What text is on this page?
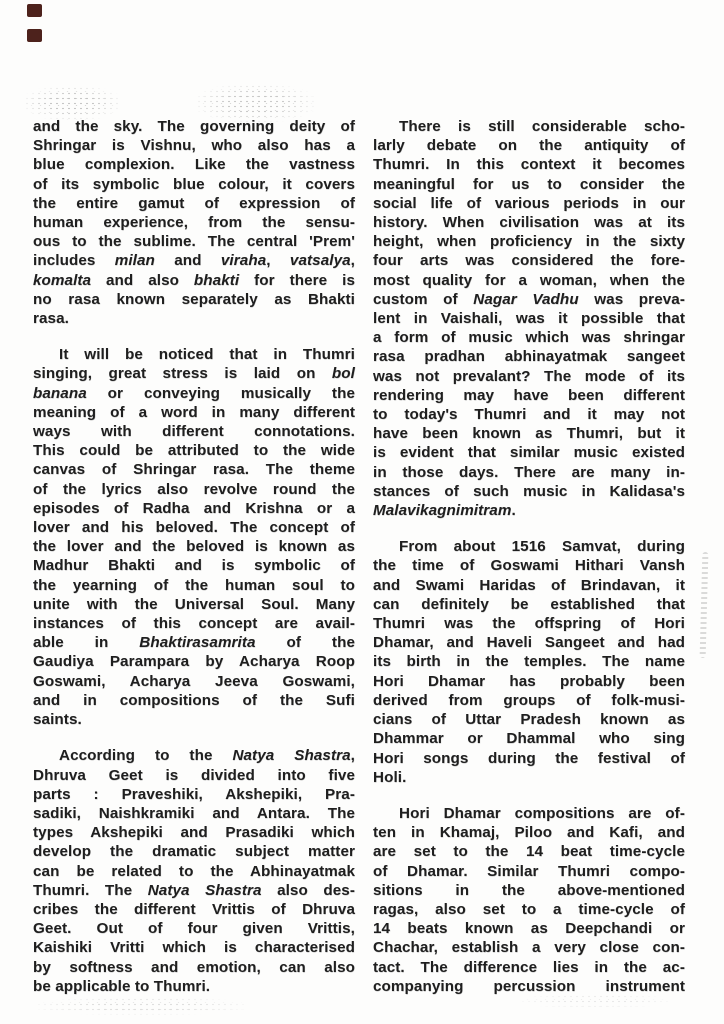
and the sky. The governing deity of
Shringar is Vishnu, who also has a
blue complexion. Like the vastness
of its symbolic blue colour, it covers
the entire gamut of expression of
human experience, from the sensu-
ous to the sublime. The central 'Prem'
includes milan and viraha, vatsalya,
komalta and also bhakti for there is
no rasa known separately as Bhakti
rasa.
It will be noticed that in Thumri
singing, great stress is laid on bol
banana or conveying musically the
meaning of a word in many different
ways with different connotations.
This could be attributed to the wide
canvas of Shringar rasa. The theme
of the lyrics also revolve round the
episodes of Radha and Krishna or a
lover and his beloved. The concept of
the lover and the beloved is known as
Madhur Bhakti and is symbolic of
the yearning of the human soul to
unite with the Universal Soul. Many
instances of this concept are avail-
able in Bhaktirasamrita of the
Gaudiya Parampara by Acharya Roop
Goswami, Acharya Jeeva Goswami,
and in compositions of the Sufi
saints.
According to the Natya Shastra,
Dhruva Geet is divided into five
parts : Praveshiki, Akshepiki, Pra-
sadiki, Naishkramiki and Antara. The
types Akshepiki and Prasadiki which
develop the dramatic subject matter
can be related to the Abhinayatmak
Thumri. The Natya Shastra also des-
cribes the different Vrittis of Dhruva
Geet. Out of four given Vrittis,
Kaishiki Vritti which is characterised
by softness and emotion, can also
be applicable to Thumri.
There is still considerable scho-
larly debate on the antiquity of
Thumri. In this context it becomes
meaningful for us to consider the
social life of various periods in our
history. When civilisation was at its
height, when proficiency in the sixty
four arts was considered the fore-
most quality for a woman, when the
custom of Nagar Vadhu was preva-
lent in Vaishali, was it possible that
a form of music which was shringar
rasa pradhan abhinayatmak sangeet
was not prevalant? The mode of its
rendering may have been different
to today's Thumri and it may not
have been known as Thumri, but it
is evident that similar music existed
in those days. There are many in-
stances of such music in Kalidasa's
Malavikagnimitram.
From about 1516 Samvat, during
the time of Goswami Hithari Vansh
and Swami Haridas of Brindavan, it
can definitely be established that
Thumri was the offspring of Hori
Dhamar, and Haveli Sangeet and had
its birth in the temples. The name
Hori Dhamar has probably been
derived from groups of folk-musi-
cians of Uttar Pradesh known as
Dhammar or Dhammal who sing
Hori songs during the festival of
Holi.
Hori Dhamar compositions are of-
ten in Khamaj, Piloo and Kafi, and
are set to the 14 beat time-cycle
of Dhamar. Similar Thumri compo-
sitions in the above-mentioned
ragas, also set to a time-cycle of
14 beats known as Deepchandi or
Chachar, establish a very close con-
tact. The difference lies in the ac-
companying percussion instrument
